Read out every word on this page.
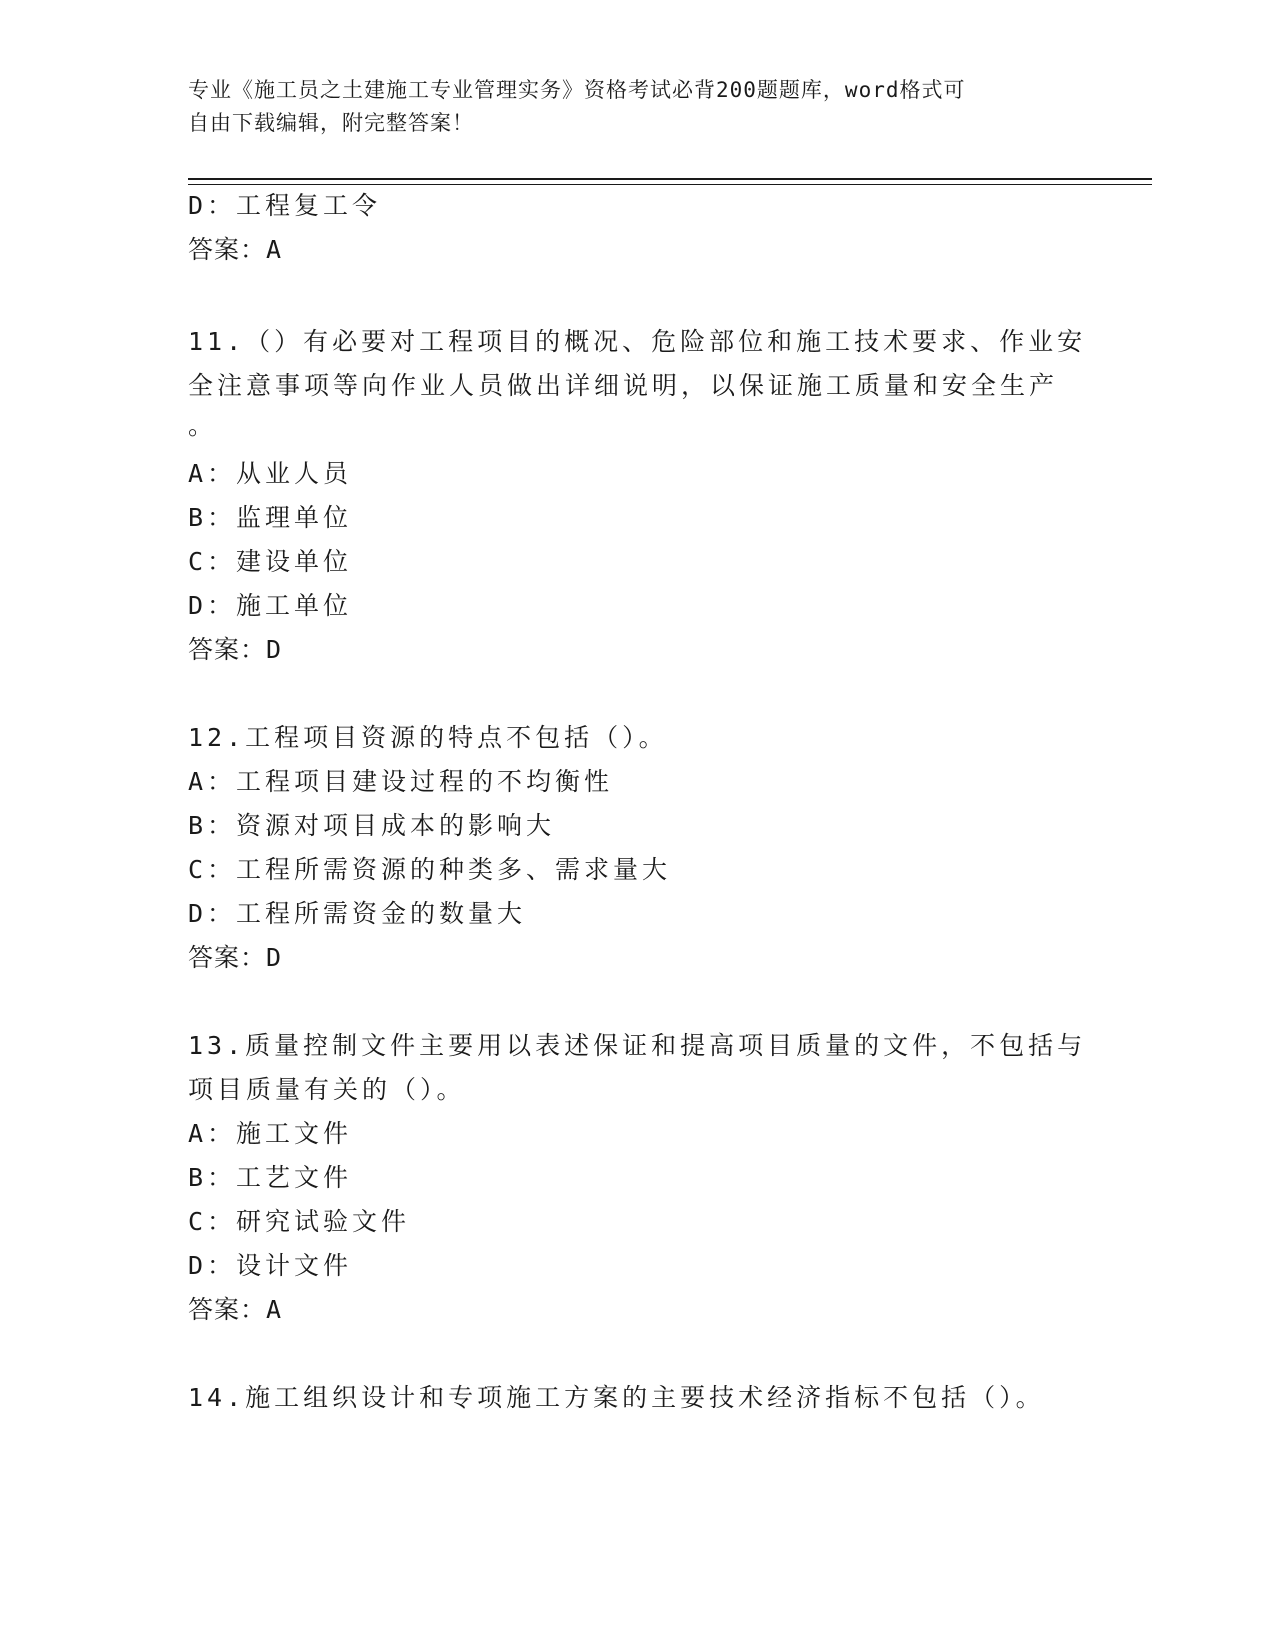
专业《施工员之土建施工专业管理实务》资格考试必背200题题库，word格式可
自由下载编辑，附完整答案！
D：工程复工令
答案：A
11.（）有必要对工程项目的概况、危险部位和施工技术要求、作业安
全注意事项等向作业人员做出详细说明，以保证施工质量和安全生产
。
A：从业人员
B：监理单位
C：建设单位
D：施工单位
答案：D
12.工程项目资源的特点不包括（）。
A：工程项目建设过程的不均衡性
B：资源对项目成本的影响大
C：工程所需资源的种类多、需求量大
D：工程所需资金的数量大
答案：D
13.质量控制文件主要用以表述保证和提高项目质量的文件，不包括与
项目质量有关的（）。
A：施工文件
B：工艺文件
C：研究试验文件
D：设计文件
答案：A
14.施工组织设计和专项施工方案的主要技术经济指标不包括（）。
